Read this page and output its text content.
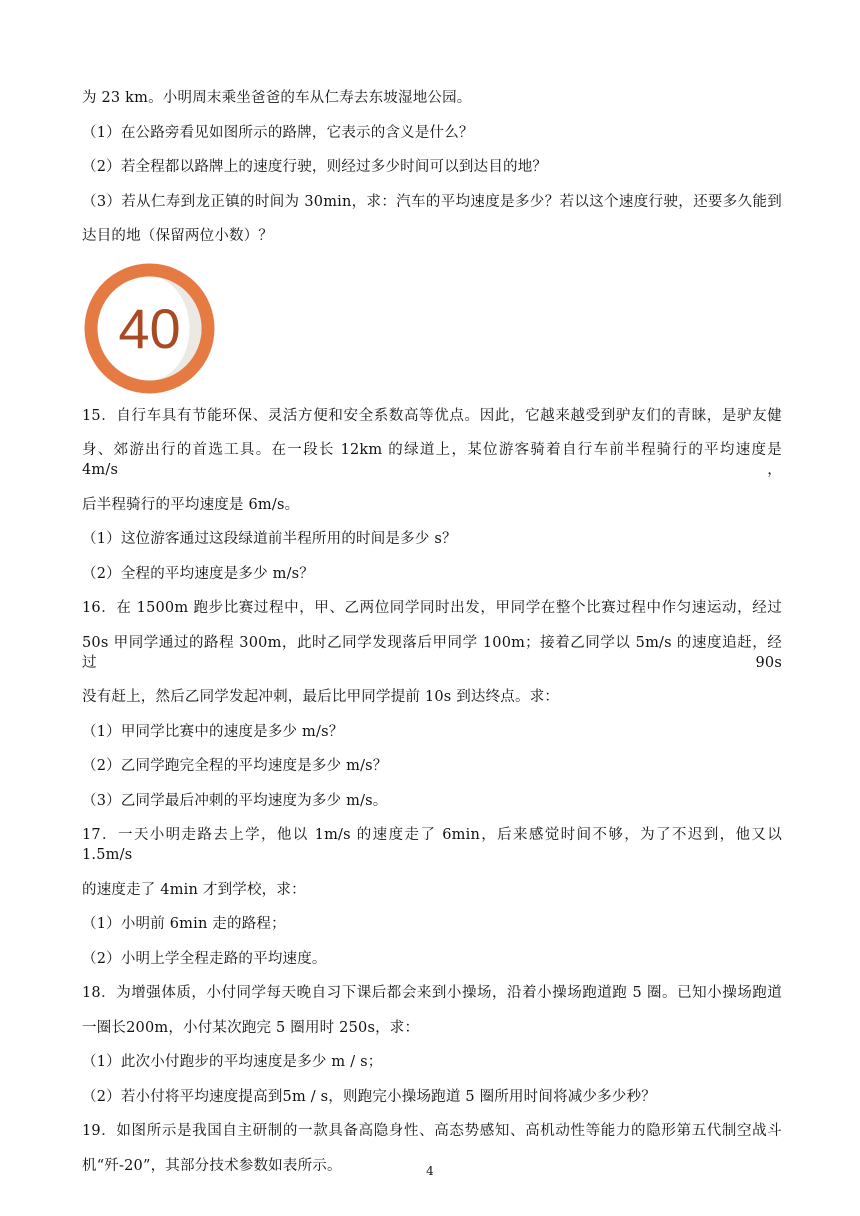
为 23 km。小明周末乘坐爸爸的车从仁寿去东坡湿地公园。
（1）在公路旁看见如图所示的路牌，它表示的含义是什么？
（2）若全程都以路牌上的速度行驶，则经过多少时间可以到达目的地？
（3）若从仁寿到龙正镇的时间为 30min，求：汽车的平均速度是多少？若以这个速度行驶，还要多久能到
达目的地（保留两位小数）？
40
15．自行车具有节能环保、灵活方便和安全系数高等优点。因此，它越来越受到驴友们的青睐，是驴友健
身、郊游出行的首选工具。在一段长 12km 的绿道上，某位游客骑着自行车前半程骑行的平均速度是 4m/s，
后半程骑行的平均速度是 6m/s。
（1）这位游客通过这段绿道前半程所用的时间是多少 s？
（2）全程的平均速度是多少 m/s？
16．在 1500m 跑步比赛过程中，甲、乙两位同学同时出发，甲同学在整个比赛过程中作匀速运动，经过
50s 甲同学通过的路程 300m，此时乙同学发现落后甲同学 100m；接着乙同学以 5m/s 的速度追赶，经过 90s
没有赶上，然后乙同学发起冲刺，最后比甲同学提前 10s 到达终点。求：
（1）甲同学比赛中的速度是多少 m/s？
（2）乙同学跑完全程的平均速度是多少 m/s？
（3）乙同学最后冲刺的平均速度为多少 m/s。
17．一天小明走路去上学，他以 1m/s 的速度走了 6min，后来感觉时间不够，为了不迟到，他又以 1.5m/s
的速度走了 4min 才到学校，求：
（1）小明前 6min 走的路程；
（2）小明上学全程走路的平均速度。
18．为增强体质，小付同学每天晚自习下课后都会来到小操场，沿着小操场跑道跑 5 圈。已知小操场跑道
一圈长200m，小付某次跑完 5 圈用时 250s，求：
（1）此次小付跑步的平均速度是多少 m / s；
（2）若小付将平均速度提高到5m / s，则跑完小操场跑道 5 圈所用时间将减少多少秒？
19．如图所示是我国自主研制的一款具备高隐身性、高态势感知、高机动性等能力的隐形第五代制空战斗
机“歼-20”，其部分技术参数如表所示。	4
